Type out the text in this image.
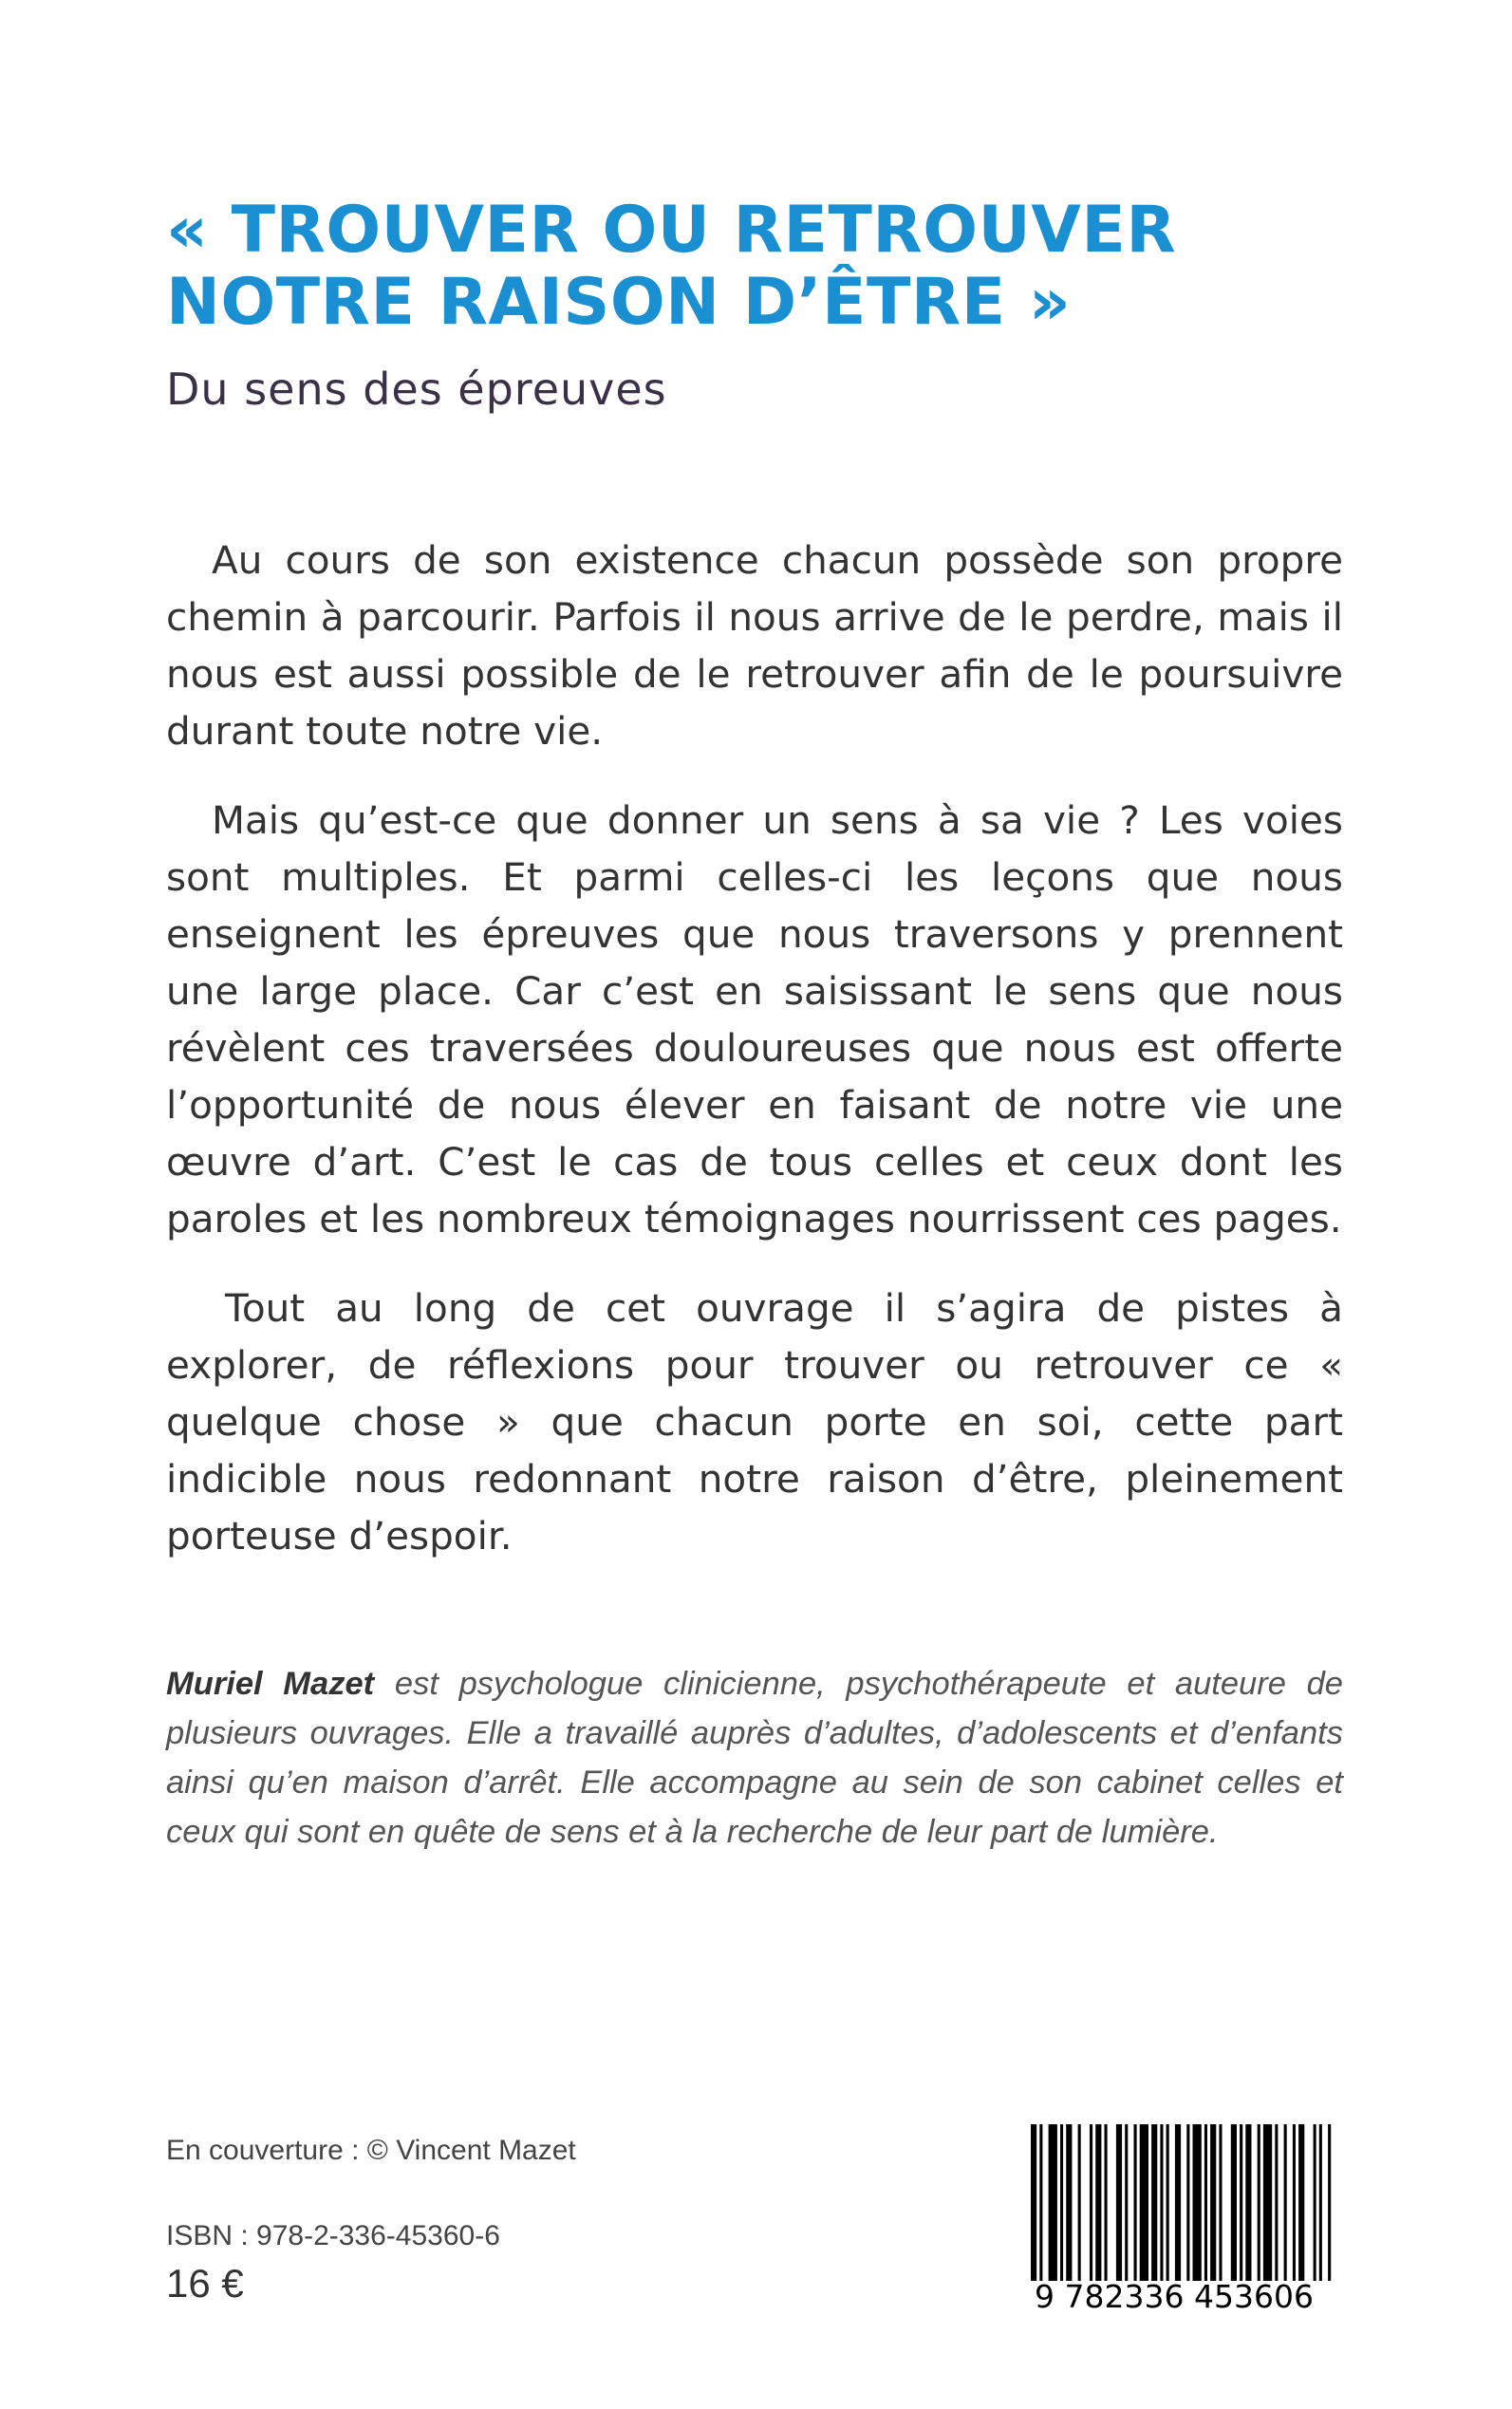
« TROUVER OU RETROUVER
NOTRE RAISON D’ÊTRE »
Du sens des épreuves

Au cours de son existence chacun possède son propre chemin à parcourir. Parfois il nous arrive de le perdre, mais il nous est aussi possible de le retrouver afin de le poursuivre durant toute notre vie.

Mais qu’est-ce que donner un sens à sa vie ? Les voies sont multiples. Et parmi celles-ci les leçons que nous enseignent les épreuves que nous traversons y prennent une large place. Car c’est en saisissant le sens que nous révèlent ces traversées douloureuses que nous est offerte l’opportunité de nous élever en faisant de notre vie une œuvre d’art. C’est le cas de tous celles et ceux dont les paroles et les nombreux témoignages nourrissent ces pages.

Tout au long de cet ouvrage il s’agira de pistes à explorer, de réflexions pour trouver ou retrouver ce « quelque chose » que chacun porte en soi, cette part indicible nous redonnant notre raison d’être, pleinement porteuse d’espoir.

Muriel Mazet est psychologue clinicienne, psychothérapeute et auteure de plusieurs ouvrages. Elle a travaillé auprès d’adultes, d’adolescents et d’enfants ainsi qu’en maison d’arrêt. Elle accompagne au sein de son cabinet celles et ceux qui sont en quête de sens et à la recherche de leur part de lumière.
En couverture : © Vincent Mazet
ISBN : 978-2-336-45360-6
16 €	9 782336 453606
